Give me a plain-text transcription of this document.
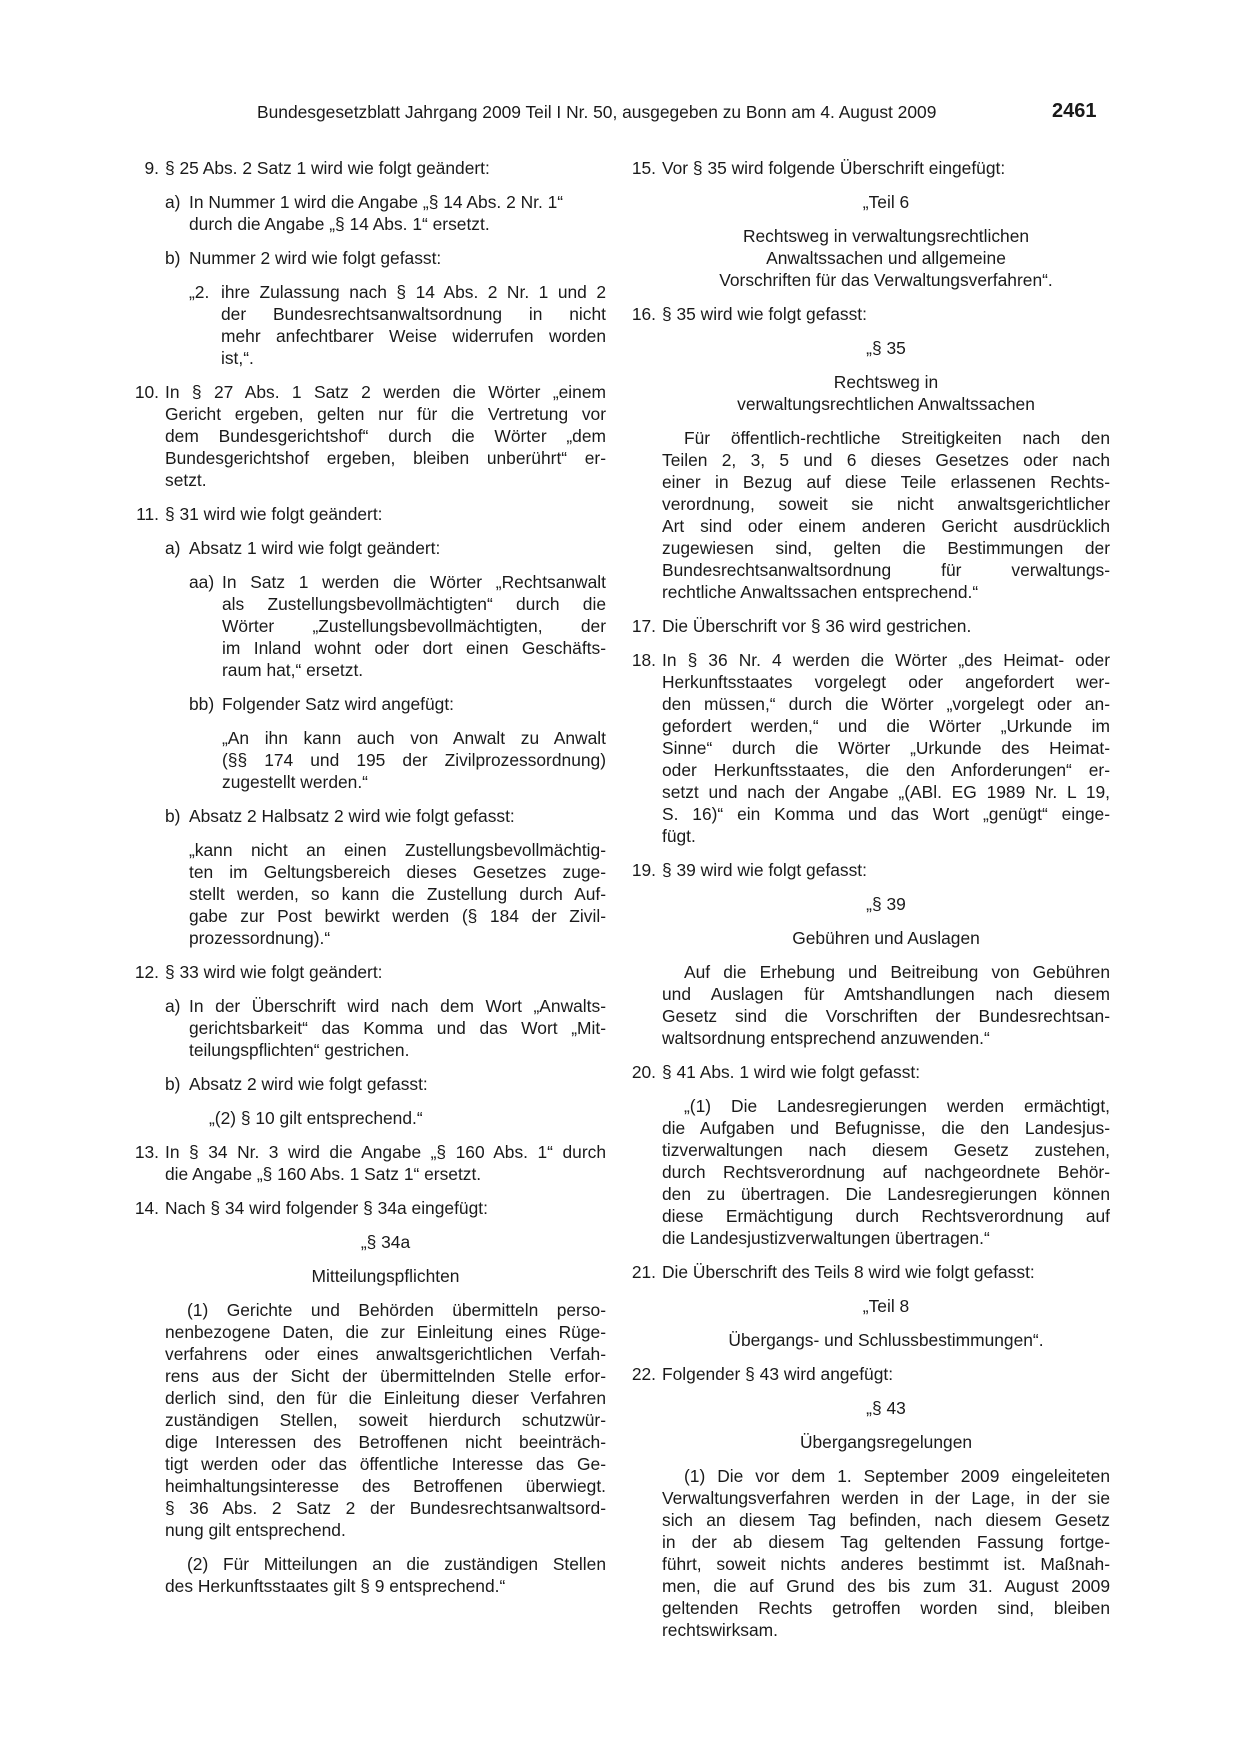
Bundesgesetzblatt Jahrgang 2009 Teil I Nr. 50, ausgegeben zu Bonn am 4. August 2009	2461
9. § 25 Abs. 2 Satz 1 wird wie folgt geändert:

a) In Nummer 1 wird die Angabe „§ 14 Abs. 2 Nr. 1“
durch die Angabe „§ 14 Abs. 1“ ersetzt.
b) Nummer 2 wird wie folgt gefasst:

„2. ihre Zulassung nach § 14 Abs. 2 Nr. 1 und 2
der Bundesrechtsanwaltsordnung in nicht
mehr anfechtbarer Weise widerrufen worden
ist,“.
10. In § 27 Abs. 1 Satz 2 werden die Wörter „einem
Gericht ergeben, gelten nur für die Vertretung vor
dem Bundesgerichtshof“ durch die Wörter „dem
Bundesgerichtshof ergeben, bleiben unberührt“ er-
setzt.
11. § 31 wird wie folgt geändert:

a) Absatz 1 wird wie folgt geändert:

aa) In Satz 1 werden die Wörter „Rechtsanwalt
als Zustellungsbevollmächtigten“ durch die
Wörter „Zustellungsbevollmächtigten, der
im Inland wohnt oder dort einen Geschäfts-
raum hat,“ ersetzt.
bb) Folgender Satz wird angefügt:

„An ihn kann auch von Anwalt zu Anwalt
(§§ 174 und 195 der Zivilprozessordnung)
zugestellt werden.“
b) Absatz 2 Halbsatz 2 wird wie folgt gefasst:

„kann nicht an einen Zustellungsbevollmächtig-
ten im Geltungsbereich dieses Gesetzes zuge-
stellt werden, so kann die Zustellung durch Auf-
gabe zur Post bewirkt werden (§ 184 der Zivil-
prozessordnung).“
12. § 33 wird wie folgt geändert:

a) In der Überschrift wird nach dem Wort „Anwalts-
gerichtsbarkeit“ das Komma und das Wort „Mit-
teilungspflichten“ gestrichen.
b) Absatz 2 wird wie folgt gefasst:

„(2) § 10 gilt entsprechend.“

13. In § 34 Nr. 3 wird die Angabe „§ 160 Abs. 1“ durch
die Angabe „§ 160 Abs. 1 Satz 1“ ersetzt.
14. Nach § 34 wird folgender § 34a eingefügt:

„§ 34a

Mitteilungspflichten

(1) Gerichte und Behörden übermitteln perso-
nenbezogene Daten, die zur Einleitung eines Rüge-
verfahrens oder eines anwaltsgerichtlichen Verfah-
rens aus der Sicht der übermittelnden Stelle erfor-
derlich sind, den für die Einleitung dieser Verfahren
zuständigen Stellen, soweit hierdurch schutzwür-
dige Interessen des Betroffenen nicht beeinträch-
tigt werden oder das öffentliche Interesse das Ge-
heimhaltungsinteresse des Betroffenen überwiegt.
§ 36 Abs. 2 Satz 2 der Bundesrechtsanwaltsord-
nung gilt entsprechend.
(2) Für Mitteilungen an die zuständigen Stellen
des Herkunftsstaates gilt § 9 entsprechend.“
15. Vor § 35 wird folgende Überschrift eingefügt:

„Teil 6

Rechtsweg in verwaltungsrechtlichen
Anwaltssachen und allgemeine
Vorschriften für das Verwaltungsverfahren“.
16. § 35 wird wie folgt gefasst:

„§ 35

Rechtsweg in
verwaltungsrechtlichen Anwaltssachen
Für öffentlich-rechtliche Streitigkeiten nach den
Teilen 2, 3, 5 und 6 dieses Gesetzes oder nach
einer in Bezug auf diese Teile erlassenen Rechts-
verordnung, soweit sie nicht anwaltsgerichtlicher
Art sind oder einem anderen Gericht ausdrücklich
zugewiesen sind, gelten die Bestimmungen der
Bundesrechtsanwaltsordnung für verwaltungs-
rechtliche Anwaltssachen entsprechend.“
17. Die Überschrift vor § 36 wird gestrichen.

18. In § 36 Nr. 4 werden die Wörter „des Heimat- oder
Herkunftsstaates vorgelegt oder angefordert wer-
den müssen,“ durch die Wörter „vorgelegt oder an-
gefordert werden,“ und die Wörter „Urkunde im
Sinne“ durch die Wörter „Urkunde des Heimat-
oder Herkunftsstaates, die den Anforderungen“ er-
setzt und nach der Angabe „(ABl. EG 1989 Nr. L 19,
S. 16)“ ein Komma und das Wort „genügt“ einge-
fügt.
19. § 39 wird wie folgt gefasst:

„§ 39

Gebühren und Auslagen

Auf die Erhebung und Beitreibung von Gebühren
und Auslagen für Amtshandlungen nach diesem
Gesetz sind die Vorschriften der Bundesrechtsan-
waltsordnung entsprechend anzuwenden.“
20. § 41 Abs. 1 wird wie folgt gefasst:

„(1) Die Landesregierungen werden ermächtigt,
die Aufgaben und Befugnisse, die den Landesjus-
tizverwaltungen nach diesem Gesetz zustehen,
durch Rechtsverordnung auf nachgeordnete Behör-
den zu übertragen. Die Landesregierungen können
diese Ermächtigung durch Rechtsverordnung auf
die Landesjustizverwaltungen übertragen.“
21. Die Überschrift des Teils 8 wird wie folgt gefasst:

„Teil 8

Übergangs- und Schlussbestimmungen“.

22. Folgender § 43 wird angefügt:

„§ 43

Übergangsregelungen

(1) Die vor dem 1. September 2009 eingeleiteten
Verwaltungsverfahren werden in der Lage, in der sie
sich an diesem Tag befinden, nach diesem Gesetz
in der ab diesem Tag geltenden Fassung fortge-
führt, soweit nichts anderes bestimmt ist. Maßnah-
men, die auf Grund des bis zum 31. August 2009
geltenden Rechts getroffen worden sind, bleiben
rechtswirksam.
